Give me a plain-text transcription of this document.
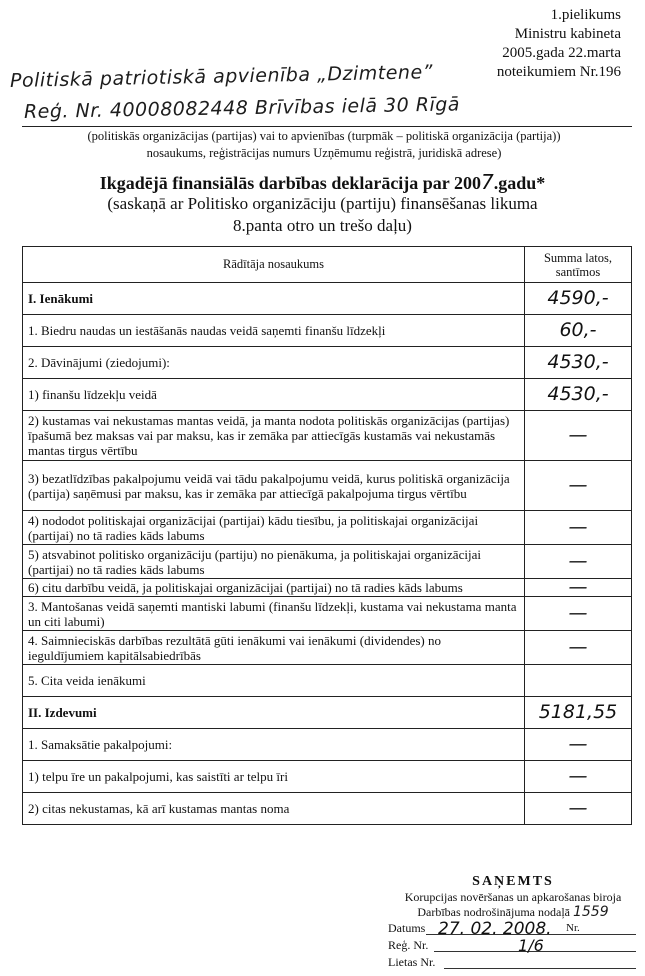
1.pielikums
Ministru kabineta
2005.gada 22.marta
noteikumiem Nr.196
Politiskā patriotiskā apvienība „Dzimtene”
Reģ. Nr. 40008082448 Brīvības ielā 30 Rīgā
(politiskās organizācijas (partijas) vai to apvienības (turpmāk – politiskā organizācija (partija))
nosaukums, reģistrācijas numurs Uzņēmumu reģistrā, juridiskā adrese)
Ikgadējā finansiālās darbības deklarācija par 2007.gadu*
(saskaņā ar Politisko organizāciju (partiju) finansēšanas likuma
8.panta otro un trešo daļu)
Rādītāja nosaukums	Summa latos, santīmos
I. Ienākumi	4590,-
1. Biedru naudas un iestāšanās naudas veidā saņemti finanšu līdzekļi	60,-
2. Dāvinājumi (ziedojumi):	4530,-
1) finanšu līdzekļu veidā	4530,-
2) kustamas vai nekustamas mantas veidā, ja manta nodota politiskās organizācijas (partijas) īpašumā bez maksas vai par maksu, kas ir zemāka par attiecīgās kustamās vai nekustamās mantas tirgus vērtību	—
3) bezatlīdzības pakalpojumu veidā vai tādu pakalpojumu veidā, kurus politiskā organizācija (partija) saņēmusi par maksu, kas ir zemāka par attiecīgā pakalpojuma tirgus vērtību	—
4) nododot politiskajai organizācijai (partijai) kādu tiesību, ja politiskajai organizācijai (partijai) no tā radies kāds labums	—
5) atsvabinot politisko organizāciju (partiju) no pienākuma, ja politiskajai organizācijai (partijai) no tā radies kāds labums	—
6) citu darbību veidā, ja politiskajai organizācijai (partijai) no tā radies kāds labums	—
3. Mantošanas veidā saņemti mantiski labumi (finanšu līdzekļi, kustama vai nekustama manta un citi labumi)	—
4. Saimnieciskās darbības rezultātā gūti ienākumi vai ienākumi (dividendes) no ieguldījumiem kapitālsabiedrībās	—
5. Cita veida ienākumi	
II. Izdevumi	5181,55
1. Samaksātie pakalpojumi:	—
1) telpu īre un pakalpojumi, kas saistīti ar telpu īri	—
2) citas nekustamas, kā arī kustamas mantas noma	—
SAŅEMTS
Korupcijas novēršanas un apkarošanas biroja
Darbības nodrošinājuma nodaļā 1559
Datums 27. 02. 2008. Nr.
Reģ. Nr.	1/6
Lietas Nr.
